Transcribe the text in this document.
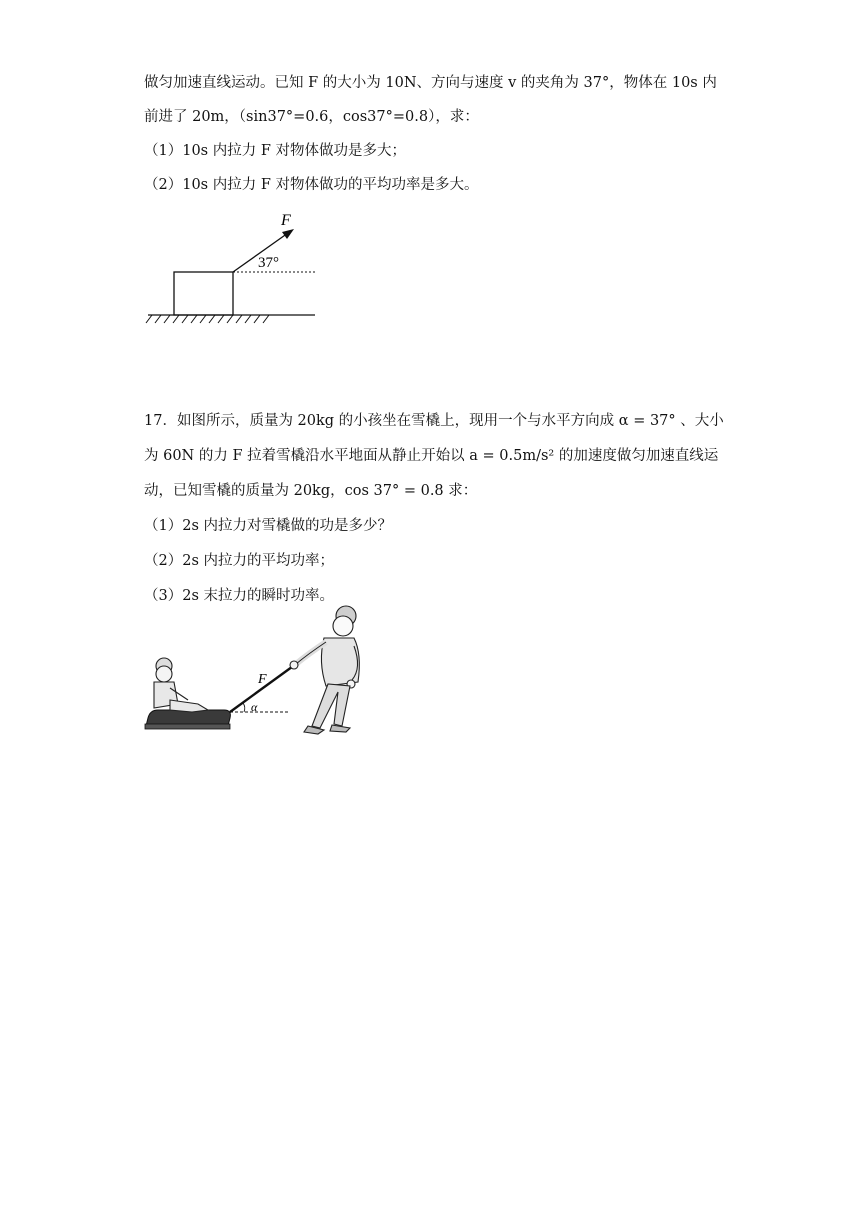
做匀加速直线运动。已知 F 的大小为 10N、方向与速度 v 的夹角为 37°，物体在 10s 内
前进了 20m，（sin37°=0.6，cos37°=0.8），求：
（1）10s 内拉力 F 对物体做功是多大；
（2）10s 内拉力 F 对物体做功的平均功率是多大。
F
37°
17．如图所示，质量为 20kg 的小孩坐在雪橇上，现用一个与水平方向成 α = 37° 、大小
为 60N 的力 F 拉着雪橇沿水平地面从静止开始以 a = 0.5m/s² 的加速度做匀加速直线运
动，已知雪橇的质量为 20kg，cos 37° = 0.8 求：
（1）2s 内拉力对雪橇做的功是多少？
（2）2s 内拉力的平均功率；
（3）2s 末拉力的瞬时功率。
α
F
